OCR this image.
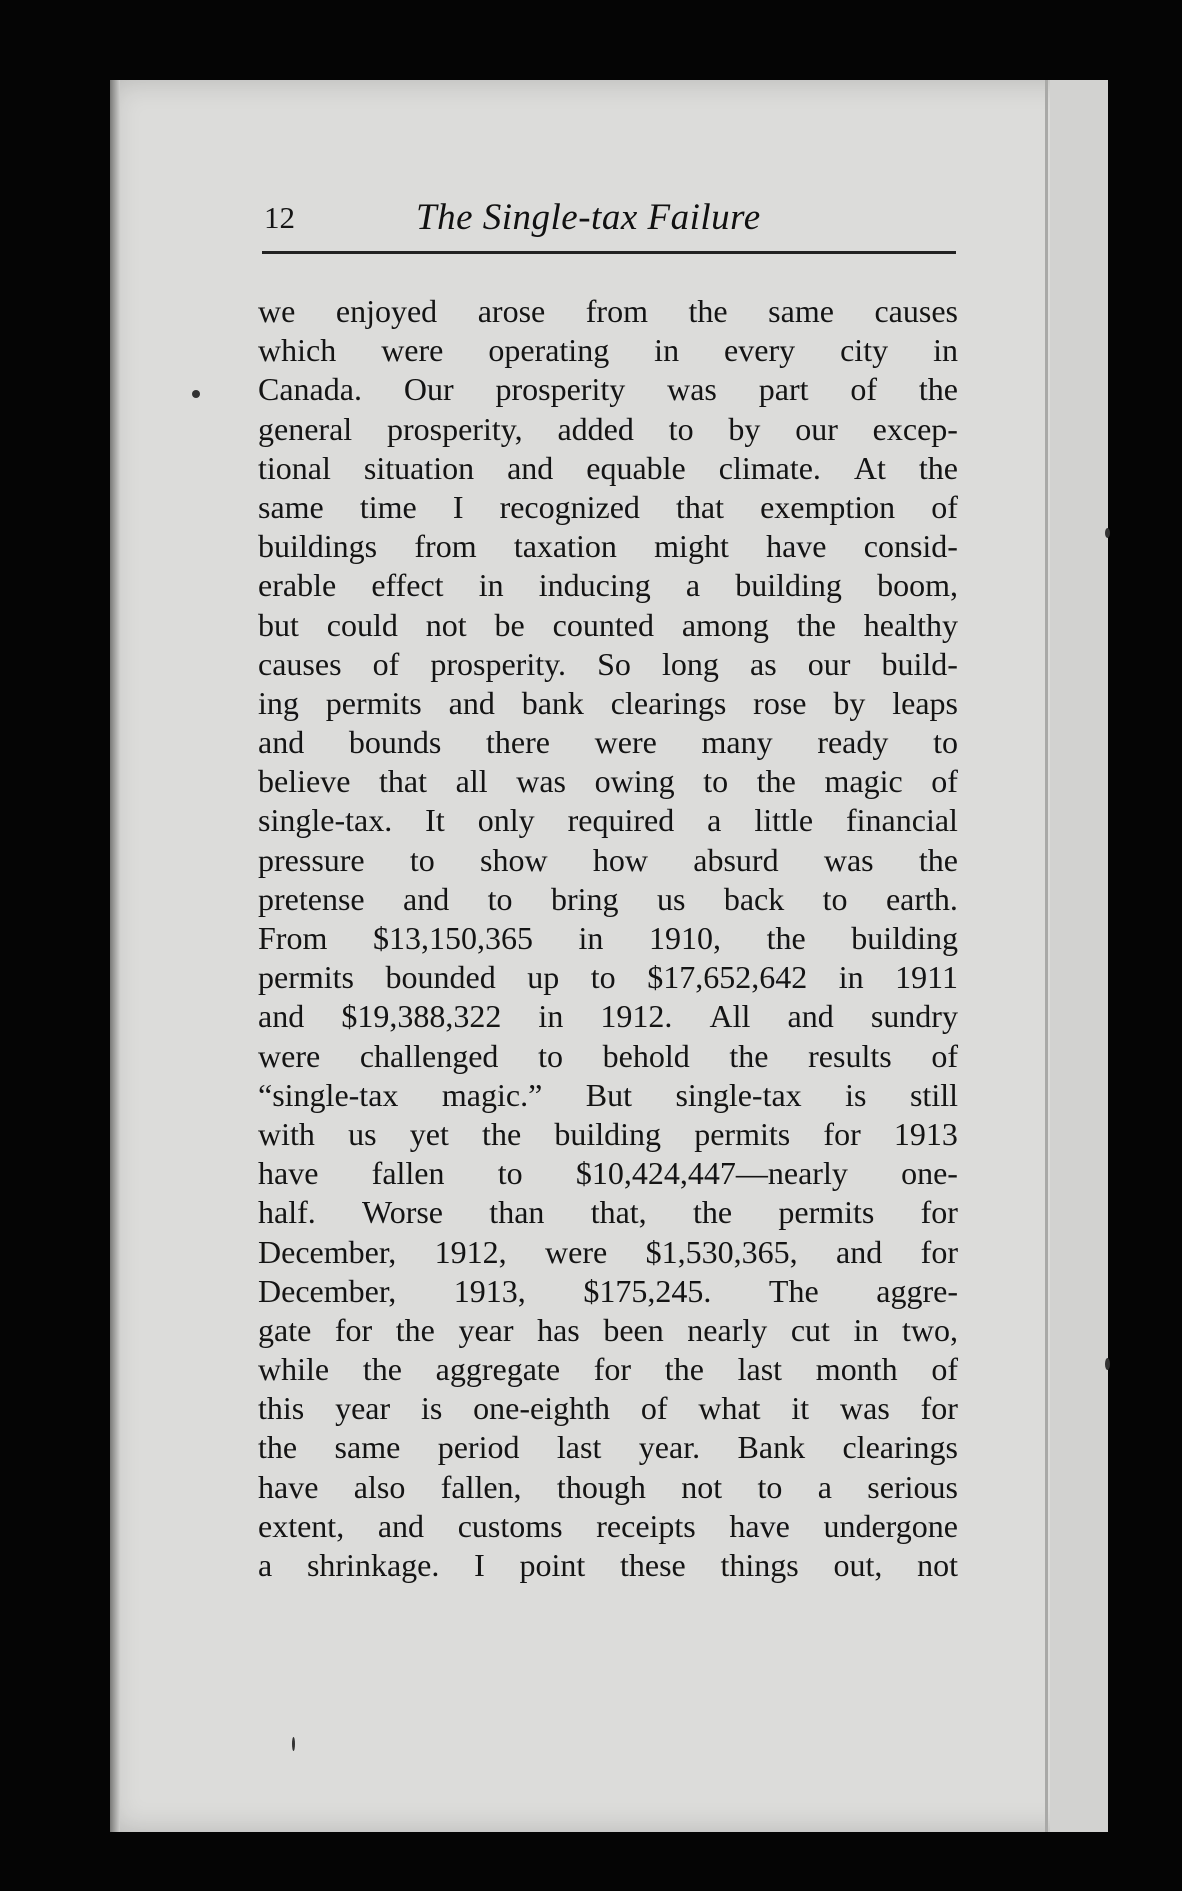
12	The Single-tax Failure
we enjoyed arose from the same causes
which were operating in every city in
Canada. Our prosperity was part of the
general prosperity, added to by our excep-
tional situation and equable climate. At the
same time I recognized that exemption of
buildings from taxation might have consid-
erable effect in inducing a building boom,
but could not be counted among the healthy
causes of prosperity. So long as our build-
ing permits and bank clearings rose by leaps
and bounds there were many ready to
believe that all was owing to the magic of
single-tax. It only required a little financial
pressure to show how absurd was the
pretense and to bring us back to earth.
From $13,150,365 in 1910, the building
permits bounded up to $17,652,642 in 1911
and $19,388,322 in 1912. All and sundry
were challenged to behold the results of
“single-tax magic.” But single-tax is still
with us yet the building permits for 1913
have fallen to $10,424,447—nearly one-
half. Worse than that, the permits for
December, 1912, were $1,530,365, and for
December, 1913, $175,245. The aggre-
gate for the year has been nearly cut in two,
while the aggregate for the last month of
this year is one-eighth of what it was for
the same period last year. Bank clearings
have also fallen, though not to a serious
extent, and customs receipts have undergone
a shrinkage. I point these things out, not
